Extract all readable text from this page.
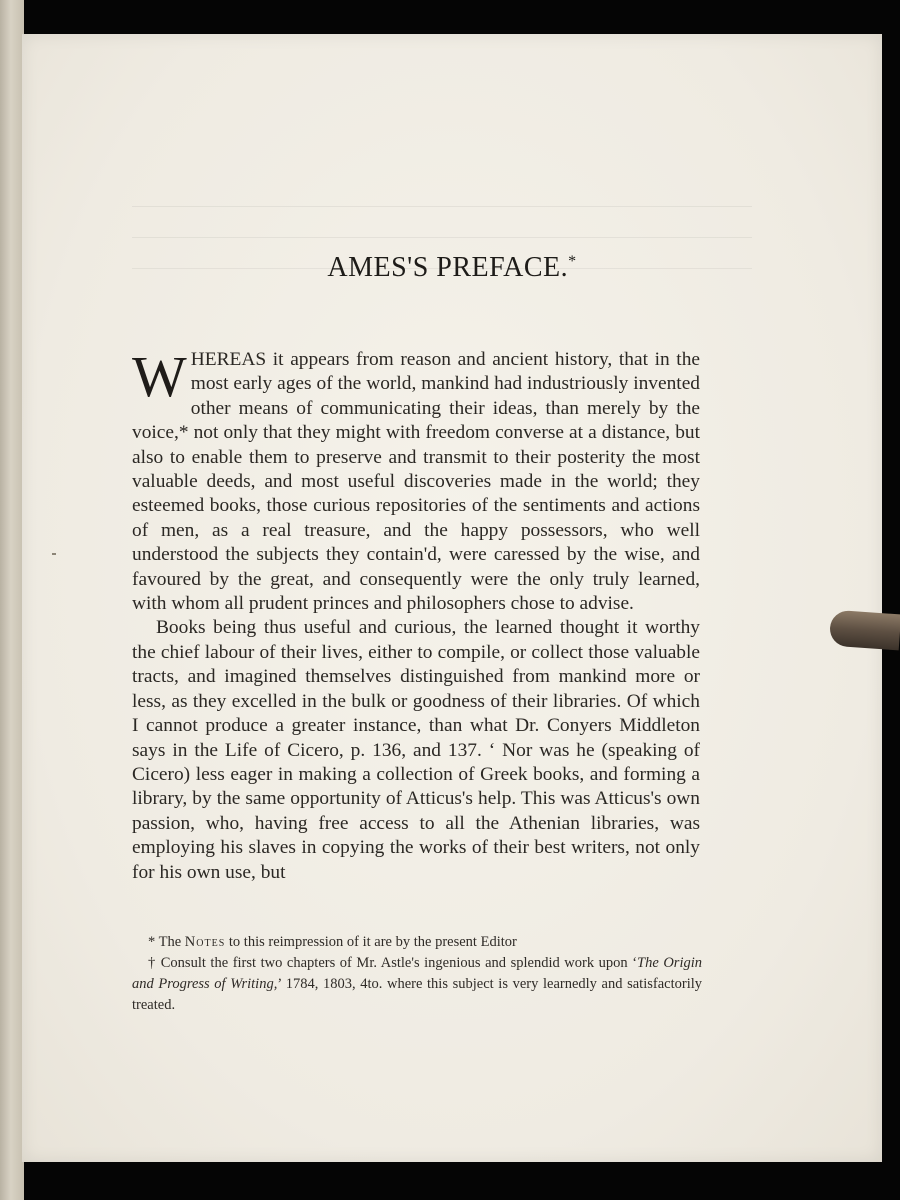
AMES'S PREFACE.*

WHEREAS it appears from reason and ancient history, that in the most early ages of the world, mankind had industriously invented other means of communicating their ideas, than merely by the voice,* not only that they might with freedom converse at a distance, but also to enable them to preserve and transmit to their posterity the most valuable deeds, and most useful discoveries made in the world; they esteemed books, those curious repositories of the sentiments and actions of men, as a real treasure, and the happy possessors, who well understood the subjects they contain'd, were caressed by the wise, and favoured by the great, and consequently were the only truly learned, with whom all prudent princes and philosophers chose to advise.

Books being thus useful and curious, the learned thought it worthy the chief labour of their lives, either to compile, or collect those valuable tracts, and imagined themselves distinguished from mankind more or less, as they excelled in the bulk or goodness of their libraries. Of which I cannot produce a greater instance, than what Dr. Conyers Middleton says in the Life of Cicero, p. 136, and 137. ‘ Nor was he (speaking of Cicero) less eager in making a collection of Greek books, and forming a library, by the same opportunity of Atticus's help. This was Atticus's own passion, who, having free access to all the Athenian libraries, was employing his slaves in copying the works of their best writers, not only for his own use, but

* The Notes to this reimpression of it are by the present Editor

† Consult the first two chapters of Mr. Astle's ingenious and splendid work upon ‘The Origin and Progress of Writing,’ 1784, 1803, 4to. where this subject is very learnedly and satisfactorily treated.
